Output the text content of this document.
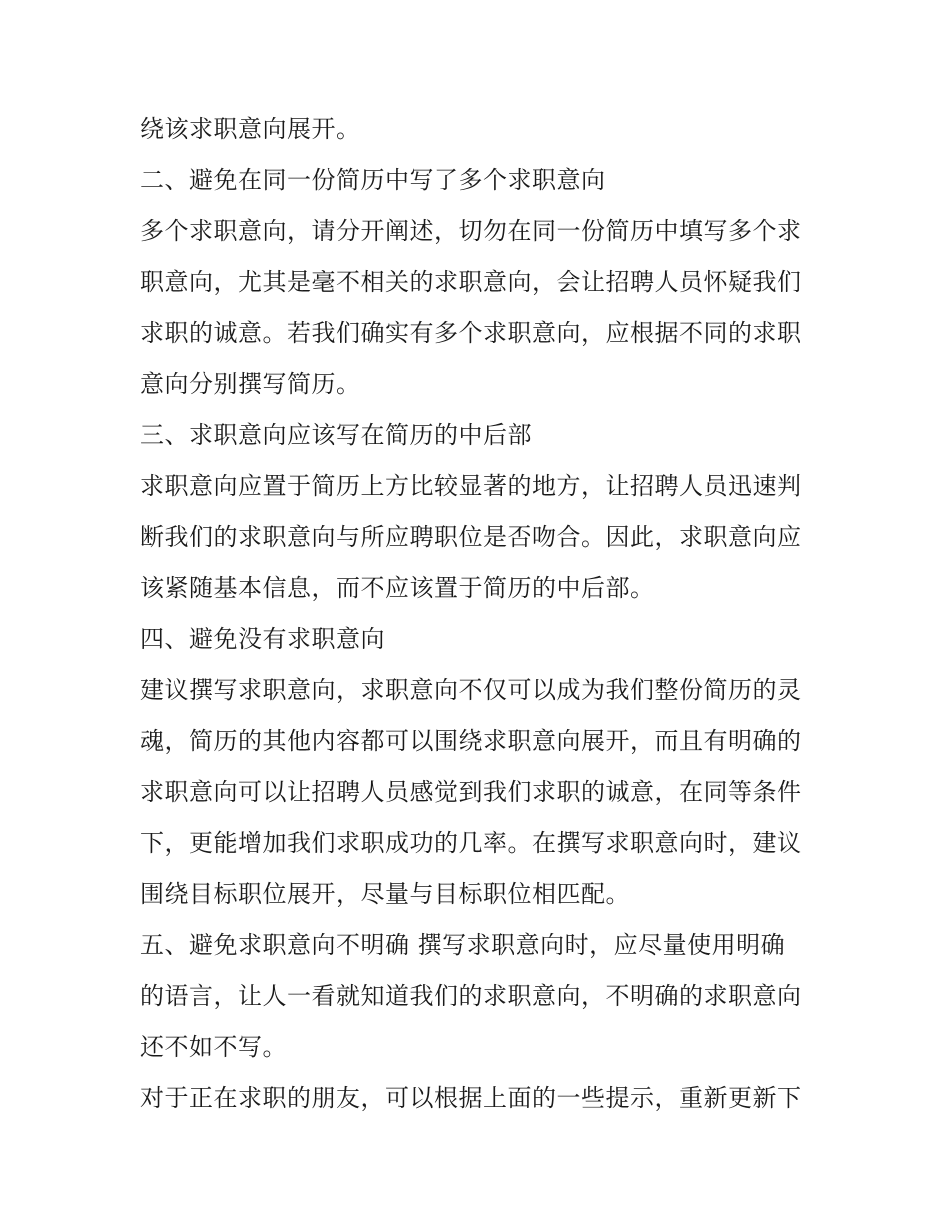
绕该求职意向展开。
二、避免在同一份简历中写了多个求职意向
多个求职意向，请分开阐述，切勿在同一份简历中填写多个求
职意向，尤其是毫不相关的求职意向，会让招聘人员怀疑我们
求职的诚意。若我们确实有多个求职意向，应根据不同的求职
意向分别撰写简历。
三、求职意向应该写在简历的中后部
求职意向应置于简历上方比较显著的地方，让招聘人员迅速判
断我们的求职意向与所应聘职位是否吻合。因此，求职意向应
该紧随基本信息，而不应该置于简历的中后部。
四、避免没有求职意向
建议撰写求职意向，求职意向不仅可以成为我们整份简历的灵
魂，简历的其他内容都可以围绕求职意向展开，而且有明确的
求职意向可以让招聘人员感觉到我们求职的诚意，在同等条件
下，更能增加我们求职成功的几率。在撰写求职意向时，建议
围绕目标职位展开，尽量与目标职位相匹配。
五、避免求职意向不明确 撰写求职意向时，应尽量使用明确
的语言，让人一看就知道我们的求职意向，不明确的求职意向
还不如不写。
对于正在求职的朋友，可以根据上面的一些提示，重新更新下
